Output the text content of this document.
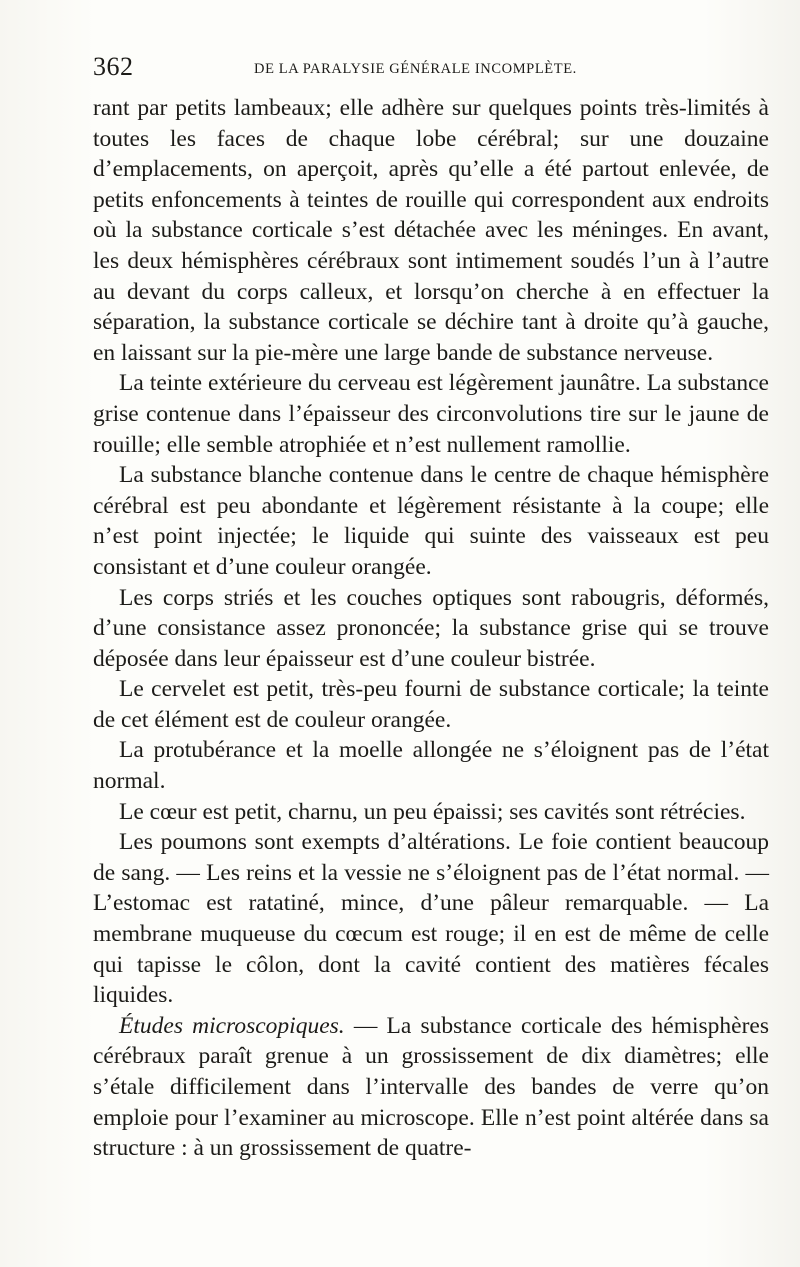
362	DE LA PARALYSIE GÉNÉRALE INCOMPLÈTE.

rant par petits lambeaux; elle adhère sur quelques points très-limités à toutes les faces de chaque lobe cérébral; sur une douzaine d’emplacements, on aperçoit, après qu’elle a été partout enlevée, de petits enfoncements à teintes de rouille qui correspondent aux endroits où la substance corticale s’est détachée avec les méninges. En avant, les deux hémisphères cérébraux sont intimement soudés l’un à l’autre au devant du corps calleux, et lorsqu’on cherche à en effectuer la séparation, la substance corticale se déchire tant à droite qu’à gauche, en laissant sur la pie-mère une large bande de substance nerveuse.

La teinte extérieure du cerveau est légèrement jaunâtre. La substance grise contenue dans l’épaisseur des circonvolutions tire sur le jaune de rouille; elle semble atrophiée et n’est nullement ramollie.

La substance blanche contenue dans le centre de chaque hémisphère cérébral est peu abondante et légèrement résistante à la coupe; elle n’est point injectée; le liquide qui suinte des vaisseaux est peu consistant et d’une couleur orangée.

Les corps striés et les couches optiques sont rabougris, déformés, d’une consistance assez prononcée; la substance grise qui se trouve déposée dans leur épaisseur est d’une couleur bistrée.

Le cervelet est petit, très-peu fourni de substance corticale; la teinte de cet élément est de couleur orangée.

La protubérance et la moelle allongée ne s’éloignent pas de l’état normal.

Le cœur est petit, charnu, un peu épaissi; ses cavités sont rétrécies.

Les poumons sont exempts d’altérations. Le foie contient beaucoup de sang. — Les reins et la vessie ne s’éloignent pas de l’état normal. — L’estomac est ratatiné, mince, d’une pâleur remarquable. — La membrane muqueuse du cœcum est rouge; il en est de même de celle qui tapisse le côlon, dont la cavité contient des matières fécales liquides.

Études microscopiques. — La substance corticale des hémisphères cérébraux paraît grenue à un grossissement de dix diamètres; elle s’étale difficilement dans l’intervalle des bandes de verre qu’on emploie pour l’examiner au microscope. Elle n’est point altérée dans sa structure : à un grossissement de quatre-
